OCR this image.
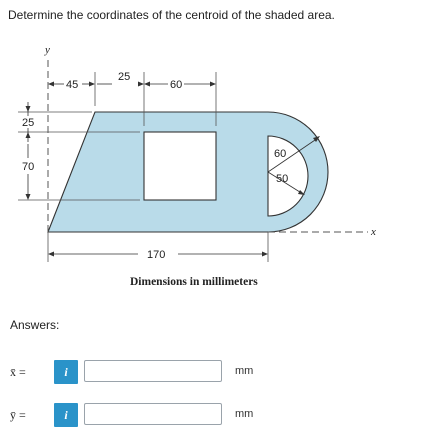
Determine the coordinates of the centroid of the shaded area.
y
x
45
25
60
25
70
60
50
170
Dimensions in millimeters
Answers:
x̄ =	i	mm
ȳ =	i	mm
